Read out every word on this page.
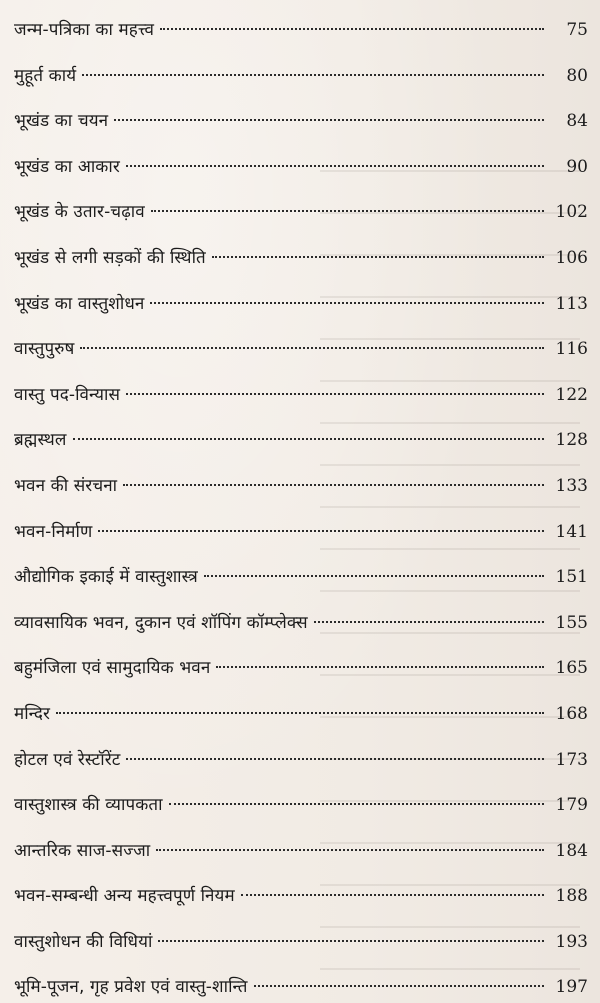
जन्म-पत्रिका का महत्त्व	75
मुहूर्त कार्य	80
भूखंड का चयन	84
भूखंड का आकार	90
भूखंड के उतार-चढ़ाव	102
भूखंड से लगी सड़कों की स्थिति	106
भूखंड का वास्तुशोधन	113
वास्तुपुरुष	116
वास्तु पद-विन्यास	122
ब्रह्मस्थल	128
भवन की संरचना	133
भवन-निर्माण	141
औद्योगिक इकाई में वास्तुशास्त्र	151
व्यावसायिक भवन, दुकान एवं शॉपिंग कॉम्प्लेक्स	155
बहुमंजिला एवं सामुदायिक भवन	165
मन्दिर	168
होटल एवं रेस्टॉरेंट	173
वास्तुशास्त्र की व्यापकता	179
आन्तरिक साज-सज्जा	184
भवन-सम्बन्धी अन्य महत्त्वपूर्ण नियम	188
वास्तुशोधन की विधियां	193
भूमि-पूजन, गृह प्रवेश एवं वास्तु-शान्ति	197
